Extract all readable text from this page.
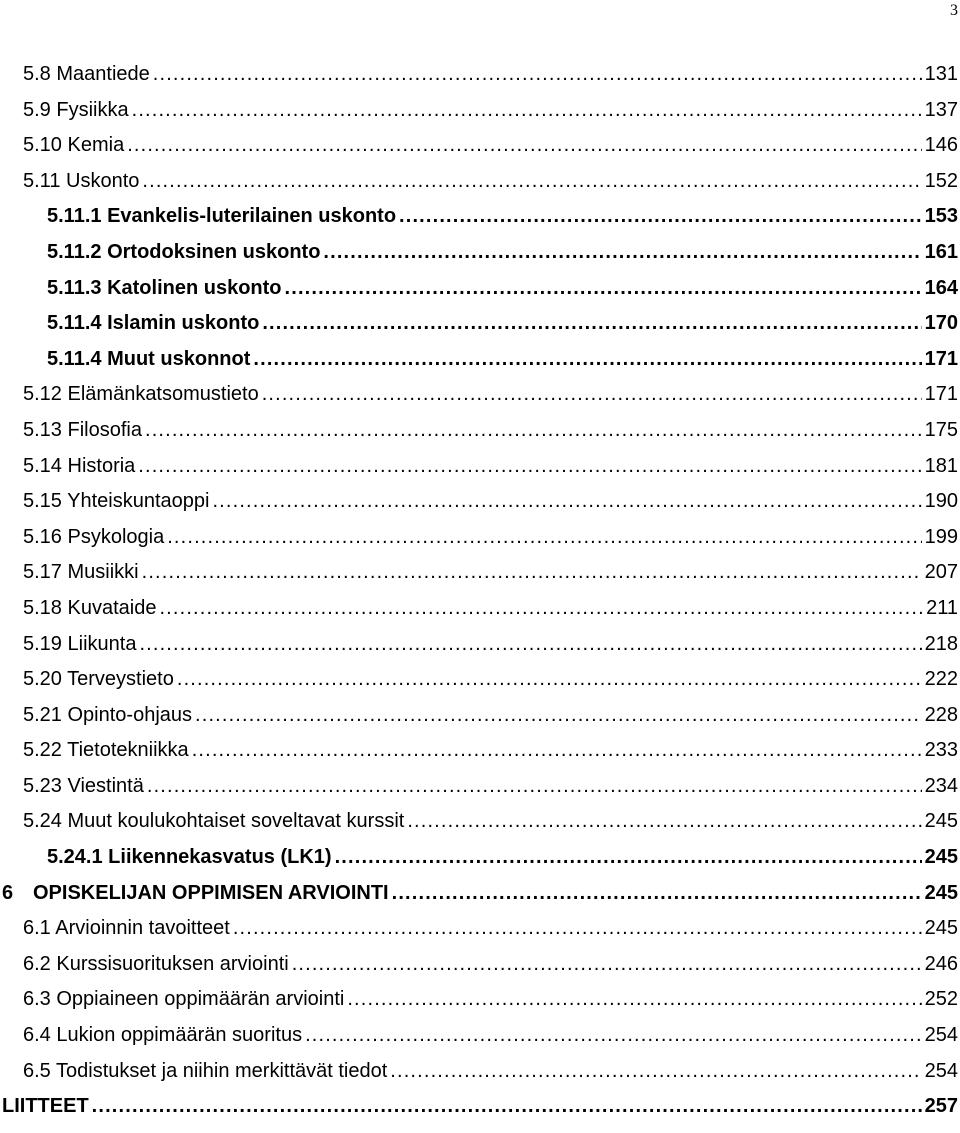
3
5.8 Maantiede . . .	131
5.9 Fysiikka . . .	137
5.10 Kemia . . .	146
5.11 Uskonto . . .	152
5.11.1 Evankelis-luterilainen uskonto . . .	153
5.11.2 Ortodoksinen uskonto . . .	161
5.11.3 Katolinen uskonto . . .	164
5.11.4 Islamin uskonto . . .	170
5.11.4 Muut uskonnot . . .	171
5.12 Elämänkatsomustieto . . .	171
5.13 Filosofia . . .	175
5.14 Historia . . .	181
5.15 Yhteiskuntaoppi . . .	190
5.16 Psykologia . . .	199
5.17 Musiikki . . .	207
5.18 Kuvataide . . .	211
5.19 Liikunta . . .	218
5.20 Terveystieto . . .	222
5.21 Opinto-ohjaus . . .	228
5.22 Tietotekniikka . . .	233
5.23 Viestintä . . .	234
5.24 Muut koulukohtaiset soveltavat kurssit . . .	245
5.24.1 Liikennekasvatus (LK1) . . .	245
6 OPISKELIJAN OPPIMISEN ARVIOINTI . . .	245
6.1 Arvioinnin tavoitteet . . .	245
6.2 Kurssisuorituksen arviointi . . .	246
6.3 Oppiaineen oppimäärän arviointi . . .	252
6.4 Lukion oppimäärän suoritus . . .	254
6.5 Todistukset ja niihin merkittävät tiedot . . .	254
LIITTEET . . .	257
